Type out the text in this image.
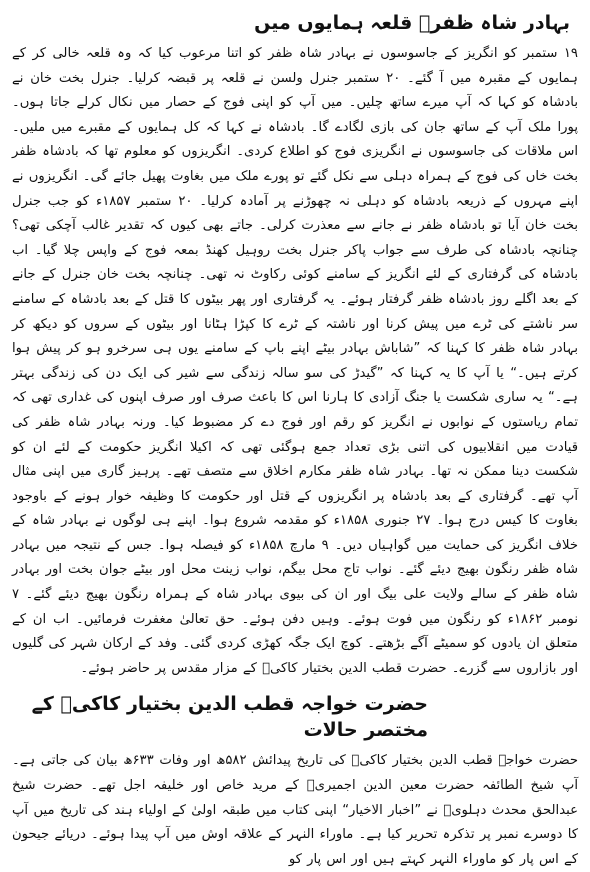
بہادر شاہ ظفرؒ قلعہ ہمایوں میں

۱۹ ستمبر کو انگریز کے جاسوسوں نے بہادر شاہ ظفر کو اتنا مرعوب کیا کہ وہ قلعہ خالی کر کے ہمایوں کے مقبرہ میں آ گئے۔ ۲۰ ستمبر جنرل ولسن نے قلعہ پر قبضہ کرلیا۔ جنرل بخت خان نے بادشاہ کو کہا کہ آپ میرے ساتھ چلیں۔ میں آپ کو اپنی فوج کے حصار میں نکال کرلے جاتا ہوں۔ پورا ملک آپ کے ساتھ جان کی بازی لگادے گا۔ بادشاہ نے کہا کہ کل ہمایوں کے مقبرے میں ملیں۔ اس ملاقات کی جاسوسوں نے انگریزی فوج کو اطلاع کردی۔ انگریزوں کو معلوم تھا کہ بادشاہ ظفر بخت خاں کی فوج کے ہمراہ دہلی سے نکل گئے تو پورے ملک میں بغاوت پھیل جائے گی۔ انگریزوں نے اپنے مہروں کے ذریعہ بادشاہ کو دہلی نہ چھوڑنے پر آمادہ کرلیا۔ ۲۰ ستمبر ۱۸۵۷ء کو جب جنرل بخت خان آیا تو بادشاہ ظفر نے جانے سے معذرت کرلی۔ جاتے بھی کیوں کہ تقدیر غالب آچکی تھی؟ چنانچہ بادشاہ کی طرف سے جواب پاکر جنرل بخت روہیل کھنڈ بمعہ فوج کے واپس چلا گیا۔ اب بادشاہ کی گرفتاری کے لئے انگریز کے سامنے کوئی رکاوٹ نہ تھی۔ چنانچہ بخت خان جنرل کے جانے کے بعد اگلے روز بادشاہ ظفر گرفتار ہوئے۔ یہ گرفتاری اور پھر بیٹوں کا قتل کے بعد بادشاہ کے سامنے سر ناشتے کی ٹرے میں پیش کرنا اور ناشتہ کے ٹرے کا کپڑا ہٹانا اور بیٹوں کے سروں کو دیکھ کر بہادر شاہ ظفر کا کہنا کہ ”شاباش بہادر بیٹے اپنے باپ کے سامنے یوں ہی سرخرو ہو کر پیش ہوا کرتے ہیں۔“ یا آپ کا یہ کہنا کہ ”گیدڑ کی سو سالہ زندگی سے شیر کی ایک دن کی زندگی بہتر ہے۔“ یہ ساری شکست یا جنگ آزادی کا ہارنا اس کا باعث صرف اور صرف اپنوں کی غداری تھی کہ تمام ریاستوں کے نوابوں نے انگریز کو رقم اور فوج دے کر مضبوط کیا۔ ورنہ بہادر شاہ ظفر کی قیادت میں انقلابیوں کی اتنی بڑی تعداد جمع ہوگئی تھی کہ اکیلا انگریز حکومت کے لئے ان کو شکست دینا ممکن نہ تھا۔ بہادر شاہ ظفر مکارم اخلاق سے متصف تھے۔ پرہیز گاری میں اپنی مثال آپ تھے۔ گرفتاری کے بعد بادشاہ پر انگریزوں کے قتل اور حکومت کا وظیفہ خوار ہونے کے باوجود بغاوت کا کیس درج ہوا۔ ۲۷ جنوری ۱۸۵۸ء کو مقدمہ شروع ہوا۔ اپنے ہی لوگوں نے بہادر شاہ کے خلاف انگریز کی حمایت میں گواہیاں دیں۔ ۹ مارچ ۱۸۵۸ء کو فیصلہ ہوا۔ جس کے نتیجہ میں بہادر شاہ ظفر رنگون بھیج دیئے گئے۔ نواب تاج محل بیگم، نواب زینت محل اور بیٹے جوان بخت اور بہادر شاہ ظفر کے سالے ولایت علی بیگ اور ان کی بیوی بہادر شاہ کے ہمراہ رنگون بھیج دیئے گئے۔ ۷ نومبر ۱۸۶۲ء کو رنگون میں فوت ہوئے۔ وہیں دفن ہوئے۔ حق تعالیٰ مغفرت فرمائیں۔ اب ان کے متعلق ان یادوں کو سمیٹے آگے بڑھتے۔ کوچ ایک جگہ کھڑی کردی گئی۔ وفد کے ارکان شہر کی گلیوں اور بازاروں سے گزرے۔ حضرت قطب الدین بختیار کاکیؒ کے مزار مقدس پر حاضر ہوئے۔

حضرت خواجہ قطب الدین بختیار کاکیؒ کے مختصر حالات

حضرت خواجہ قطب الدین بختیار کاکیؒ کی تاریخ پیدائش ۵۸۲ھ اور وفات ۶۳۳ھ بیان کی جاتی ہے۔ آپ شیخ الطائفہ حضرت معین الدین اجمیریؒ کے مرید خاص اور خلیفہ اجل تھے۔ حضرت شیخ عبدالحق محدث دہلویؒ نے ”اخبار الاخیار“ اپنی کتاب میں طبقہ اولیٰ کے اولیاء ہند کی تاریخ میں آپ کا دوسرے نمبر پر تذکرہ تحریر کیا ہے۔ ماوراء النہر کے علاقہ اوش میں آپ پیدا ہوئے۔ دریائے جیحون کے اس پار کو ماوراء النہر کہتے ہیں اور اس پار کو
